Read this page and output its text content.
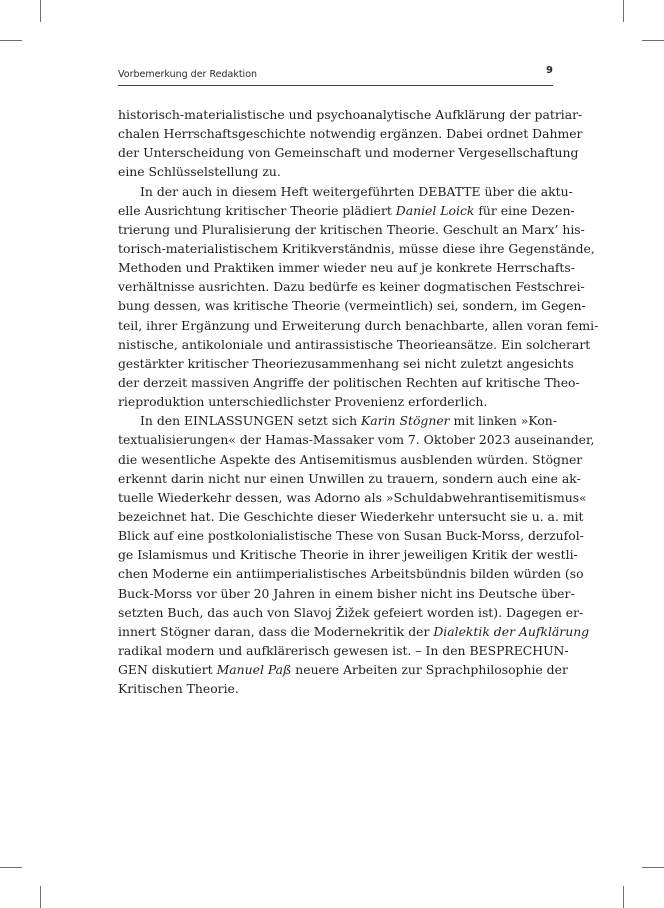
Vorbemerkung der Redaktion	9
historisch-materialistische und psychoanalytische Aufklärung der patriar-
chalen Herrschaftsgeschichte notwendig ergänzen. Dabei ordnet Dahmer
der Unterscheidung von Gemeinschaft und moderner Vergesellschaftung
eine Schlüsselstellung zu.
In der auch in diesem Heft weitergeführten DEBATTE über die aktu-
elle Ausrichtung kritischer Theorie plädiert Daniel Loick für eine Dezen-
trierung und Pluralisierung der kritischen Theorie. Geschult an Marx’ his-
torisch-materialistischem Kritikverständnis, müsse diese ihre Gegenstände,
Methoden und Praktiken immer wieder neu auf je konkrete Herrschafts-
verhältnisse ausrichten. Dazu bedürfe es keiner dogmatischen Festschrei-
bung dessen, was kritische Theorie (vermeintlich) sei, sondern, im Gegen-
teil, ihrer Ergänzung und Erweiterung durch benachbarte, allen voran femi-
nistische, antikoloniale und antirassistische Theorieansätze. Ein solcherart
gestärkter kritischer Theoriezusammenhang sei nicht zuletzt angesichts
der derzeit massiven Angriffe der politischen Rechten auf kritische Theo-
rieproduktion unterschiedlichster Provenienz erforderlich.
In den EINLASSUNGEN setzt sich Karin Stögner mit linken »Kon-
textualisierungen« der Hamas-Massaker vom 7. Oktober 2023 auseinander,
die wesentliche Aspekte des Antisemitismus ausblenden würden. Stögner
erkennt darin nicht nur einen Unwillen zu trauern, sondern auch eine ak-
tuelle Wiederkehr dessen, was Adorno als »Schuldabwehrantisemitismus«
bezeichnet hat. Die Geschichte dieser Wiederkehr untersucht sie u. a. mit
Blick auf eine postkolonialistische These von Susan Buck-Morss, derzufol-
ge Islamismus und Kritische Theorie in ihrer jeweiligen Kritik der westli-
chen Moderne ein antiimperialistisches Arbeitsbündnis bilden würden (so
Buck-Morss vor über 20 Jahren in einem bisher nicht ins Deutsche über-
setzten Buch, das auch von Slavoj Žižek gefeiert worden ist). Dagegen er-
innert Stögner daran, dass die Modernekritik der Dialektik der Aufklärung
radikal modern und aufklärerisch gewesen ist. – In den BESPRECHUN-
GEN diskutiert Manuel Paß neuere Arbeiten zur Sprachphilosophie der
Kritischen Theorie.
